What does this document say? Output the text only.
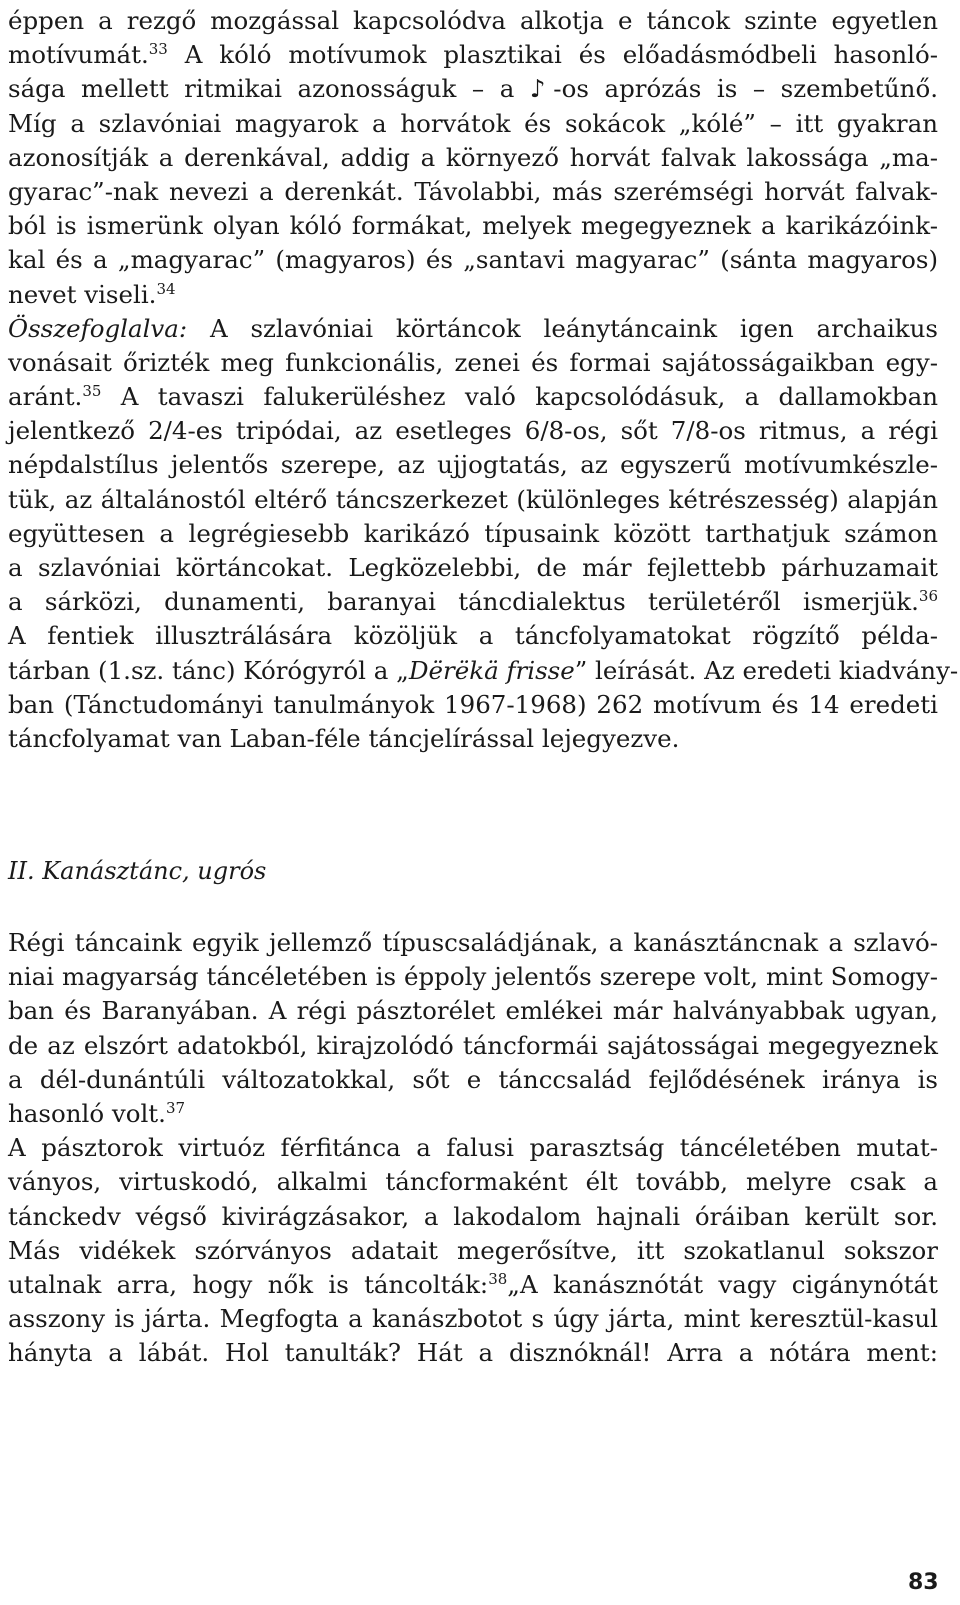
éppen a rezgő mozgással kapcsolódva alkotja e táncok szinte egyetlen
motívumát.$^{33}$ A kóló motívumok plasztikai és előadásmódbeli hasonló-
sága mellett ritmikai azonosságuk – a ♪-os aprózás is – szembetűnő.
Míg a szlavóniai magyarok a horvátok és sokácok „kólé” – itt gyakran
azonosítják a derenkával, addig a környező horvát falvak lakossága „ma-
gyarac”-nak nevezi a derenkát. Távolabbi, más szerémségi horvát falvak-
ból is ismerünk olyan kóló formákat, melyek megegyeznek a karikázóink-
kal és a „magyarac” (magyaros) és „santavi magyarac” (sánta magyaros)
nevet viseli.$^{34}$
Összefoglalva: A szlavóniai körtáncok leánytáncaink igen archaikus
vonásait őrizték meg funkcionális, zenei és formai sajátosságaikban egy-
aránt.$^{35}$ A tavaszi falukerüléshez való kapcsolódásuk, a dallamokban
jelentkező 2/4-es tripódai, az esetleges 6/8-os, sőt 7/8-os ritmus, a régi
népdalstílus jelentős szerepe, az ujjogtatás, az egyszerű motívumkészle-
tük, az általánostól eltérő táncszerkezet (különleges kétrészesség) alapján
együttesen a legrégiesebb karikázó típusaink között tarthatjuk számon
a szlavóniai körtáncokat. Legközelebbi, de már fejlettebb párhuzamait
a sárközi, dunamenti, baranyai táncdialektus területéről ismerjük.$^{36}$
A fentiek illusztrálására közöljük a táncfolyamatokat rögzítő példa-
tárban (1.sz. tánc) Kórógyról a „Dërëkä frisse” leírását. Az eredeti kiadvány-
ban (Tánctudományi tanulmányok 1967-1968) 262 motívum és 14 eredeti
táncfolyamat van Laban-féle táncjelírással lejegyezve.
II. Kanásztánc, ugrós
Régi táncaink egyik jellemző típuscsaládjának, a kanásztáncnak a szlavó-
niai magyarság táncéletében is éppoly jelentős szerepe volt, mint Somogy-
ban és Baranyában. A régi pásztorélet emlékei már halványabbak ugyan,
de az elszórt adatokból, kirajzolódó táncformái sajátosságai megegyeznek
a dél-dunántúli változatokkal, sőt e tánccsalád fejlődésének iránya is
hasonló volt.$^{37}$
A pásztorok virtuóz férfitánca a falusi parasztság táncéletében mutat-
ványos, virtuskodó, alkalmi táncformaként élt tovább, melyre csak a
tánckedv végső kivirágzásakor, a lakodalom hajnali óráiban került sor.
Más vidékek szórványos adatait megerősítve, itt szokatlanul sokszor
utalnak arra, hogy nők is táncolták:$^{38}$„A kanásznótát vagy cigánynótát
asszony is járta. Megfogta a kanászbotot s úgy járta, mint keresztül-kasul
hányta a lábát. Hol tanulták? Hát a disznóknál! Arra a nótára ment:
83
